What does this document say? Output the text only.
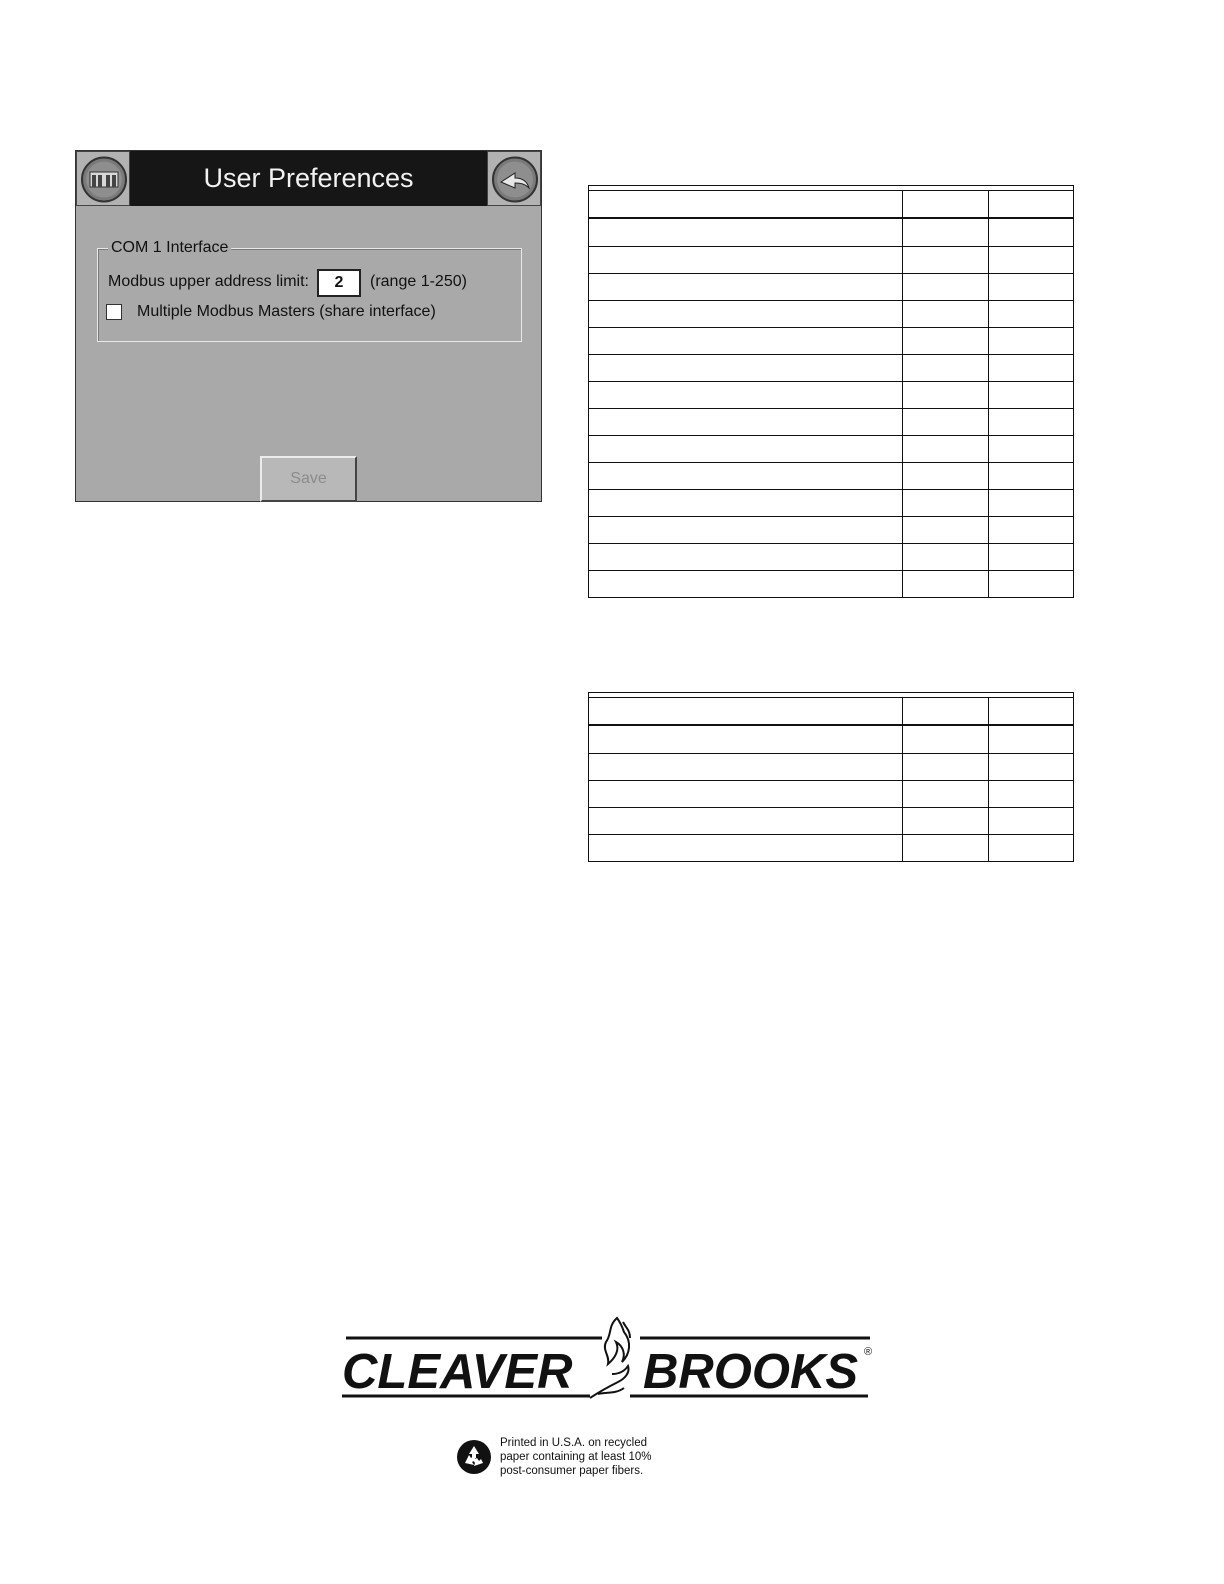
User Preferences
COM 1 Interface
Modbus upper address limit:	2	(range 1-250)
Multiple Modbus Masters (share interface)
Save
CLEAVER BROOKS ®
Printed in U.S.A. on recycled
paper containing at least 10%
post-consumer paper fibers.
